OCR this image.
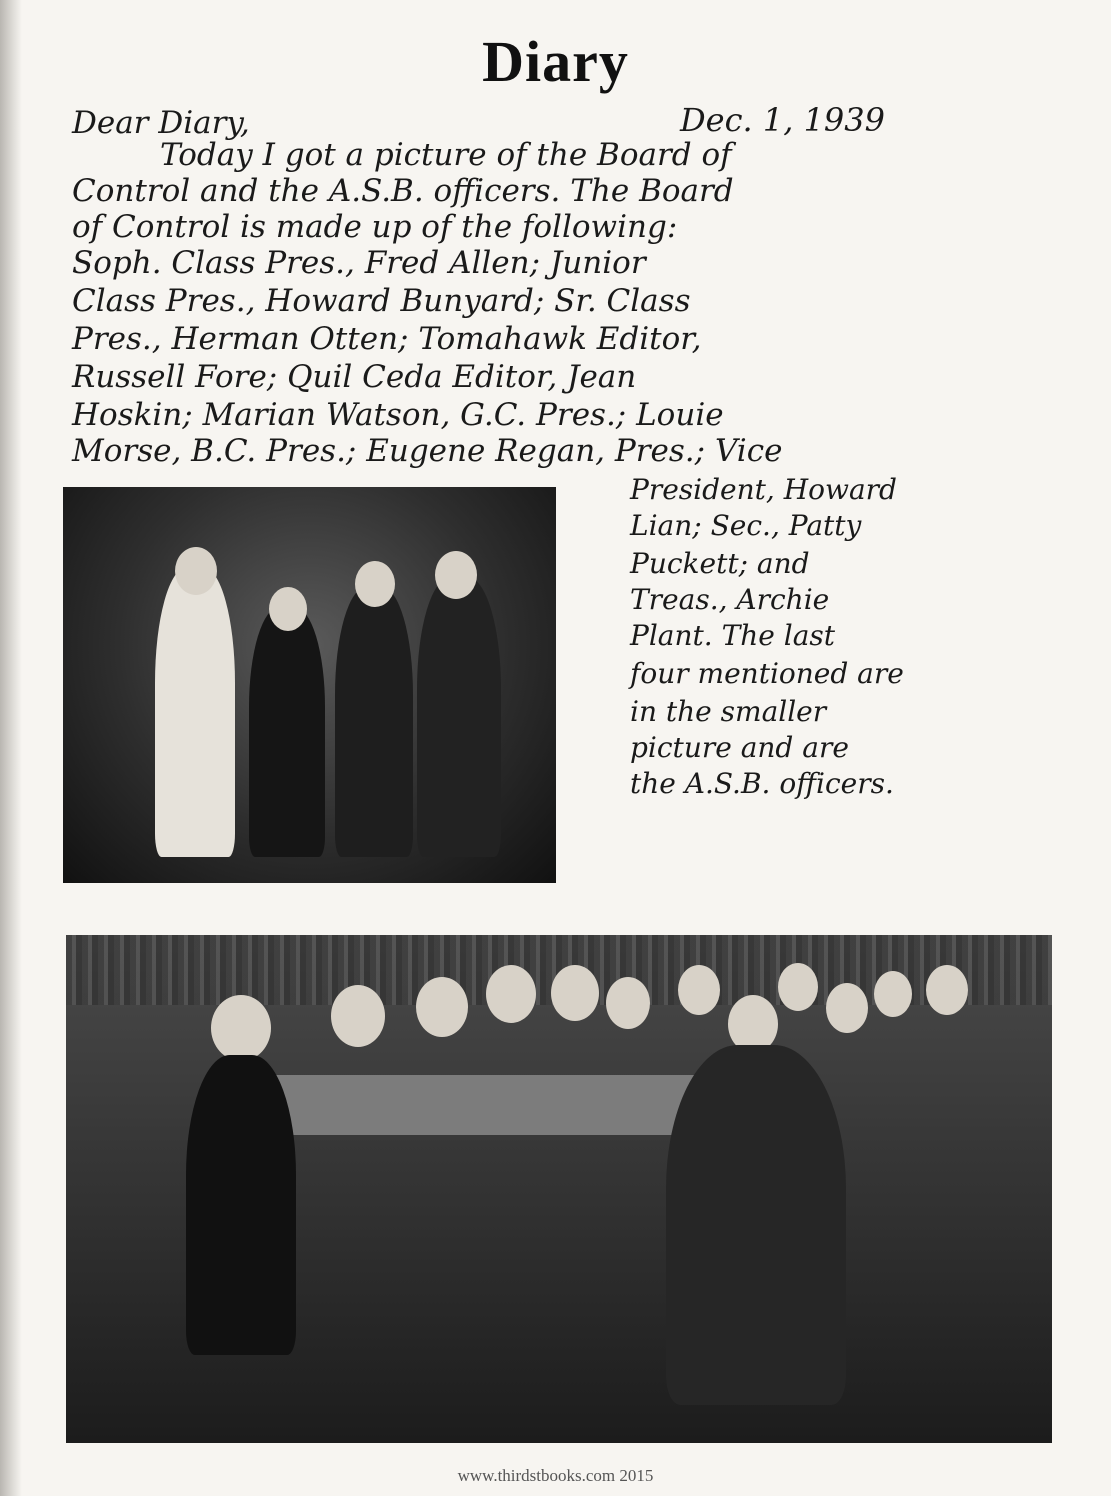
Diary
Dear Diary,	Dec. 1, 1939
Today I got a picture of the Board of
Control and the A.S.B. officers. The Board
of Control is made up of the following:
Soph. Class Pres., Fred Allen; Junior
Class Pres., Howard Bunyard; Sr. Class
Pres., Herman Otten; Tomahawk Editor,
Russell Fore; Quil Ceda Editor, Jean
Hoskin; Marian Watson, G.C. Pres.; Louie
Morse, B.C. Pres.; Eugene Regan, Pres.; Vice
President, Howard
Lian; Sec., Patty
Puckett; and
Treas., Archie
Plant. The last
four mentioned are
in the smaller
picture and are
the A.S.B. officers.
www.thirdstbooks.com 2015
